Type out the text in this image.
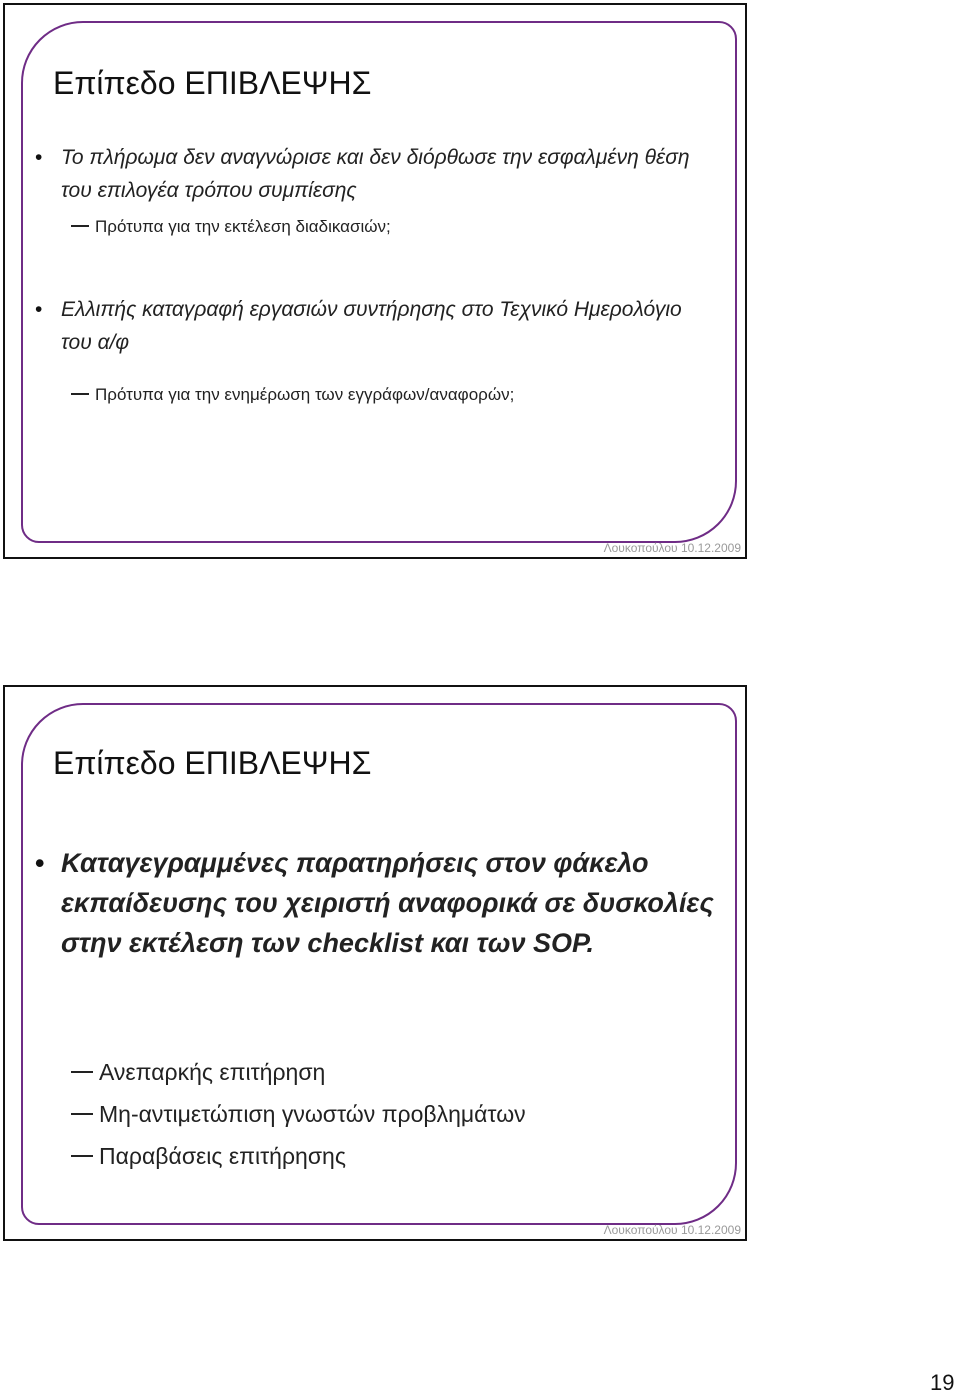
Επίπεδο ΕΠΙΒΛΕΨΗΣ

• Το πλήρωμα δεν αναγνώρισε και δεν διόρθωσε την εσφαλμένη θέση του επιλογέα τρόπου συμπίεσης

Πρότυπα για την εκτέλεση διαδικασιών;

• Ελλιπής καταγραφή εργασιών συντήρησης στο Τεχνικό Ημερολόγιο του α/φ

Πρότυπα για την ενημέρωση των εγγράφων/αναφορών;

Λουκοπούλου 10.12.2009
Επίπεδο ΕΠΙΒΛΕΨΗΣ

• Καταγεγραμμένες παρατηρήσεις στον φάκελο εκπαίδευσης του χειριστή αναφορικά σε δυσκολίες στην εκτέλεση των checklist και των SOP.

Ανεπαρκής επιτήρηση

Μη-αντιμετώπιση γνωστών προβλημάτων

Παραβάσεις επιτήρησης

Λουκοπούλου 10.12.2009
19
